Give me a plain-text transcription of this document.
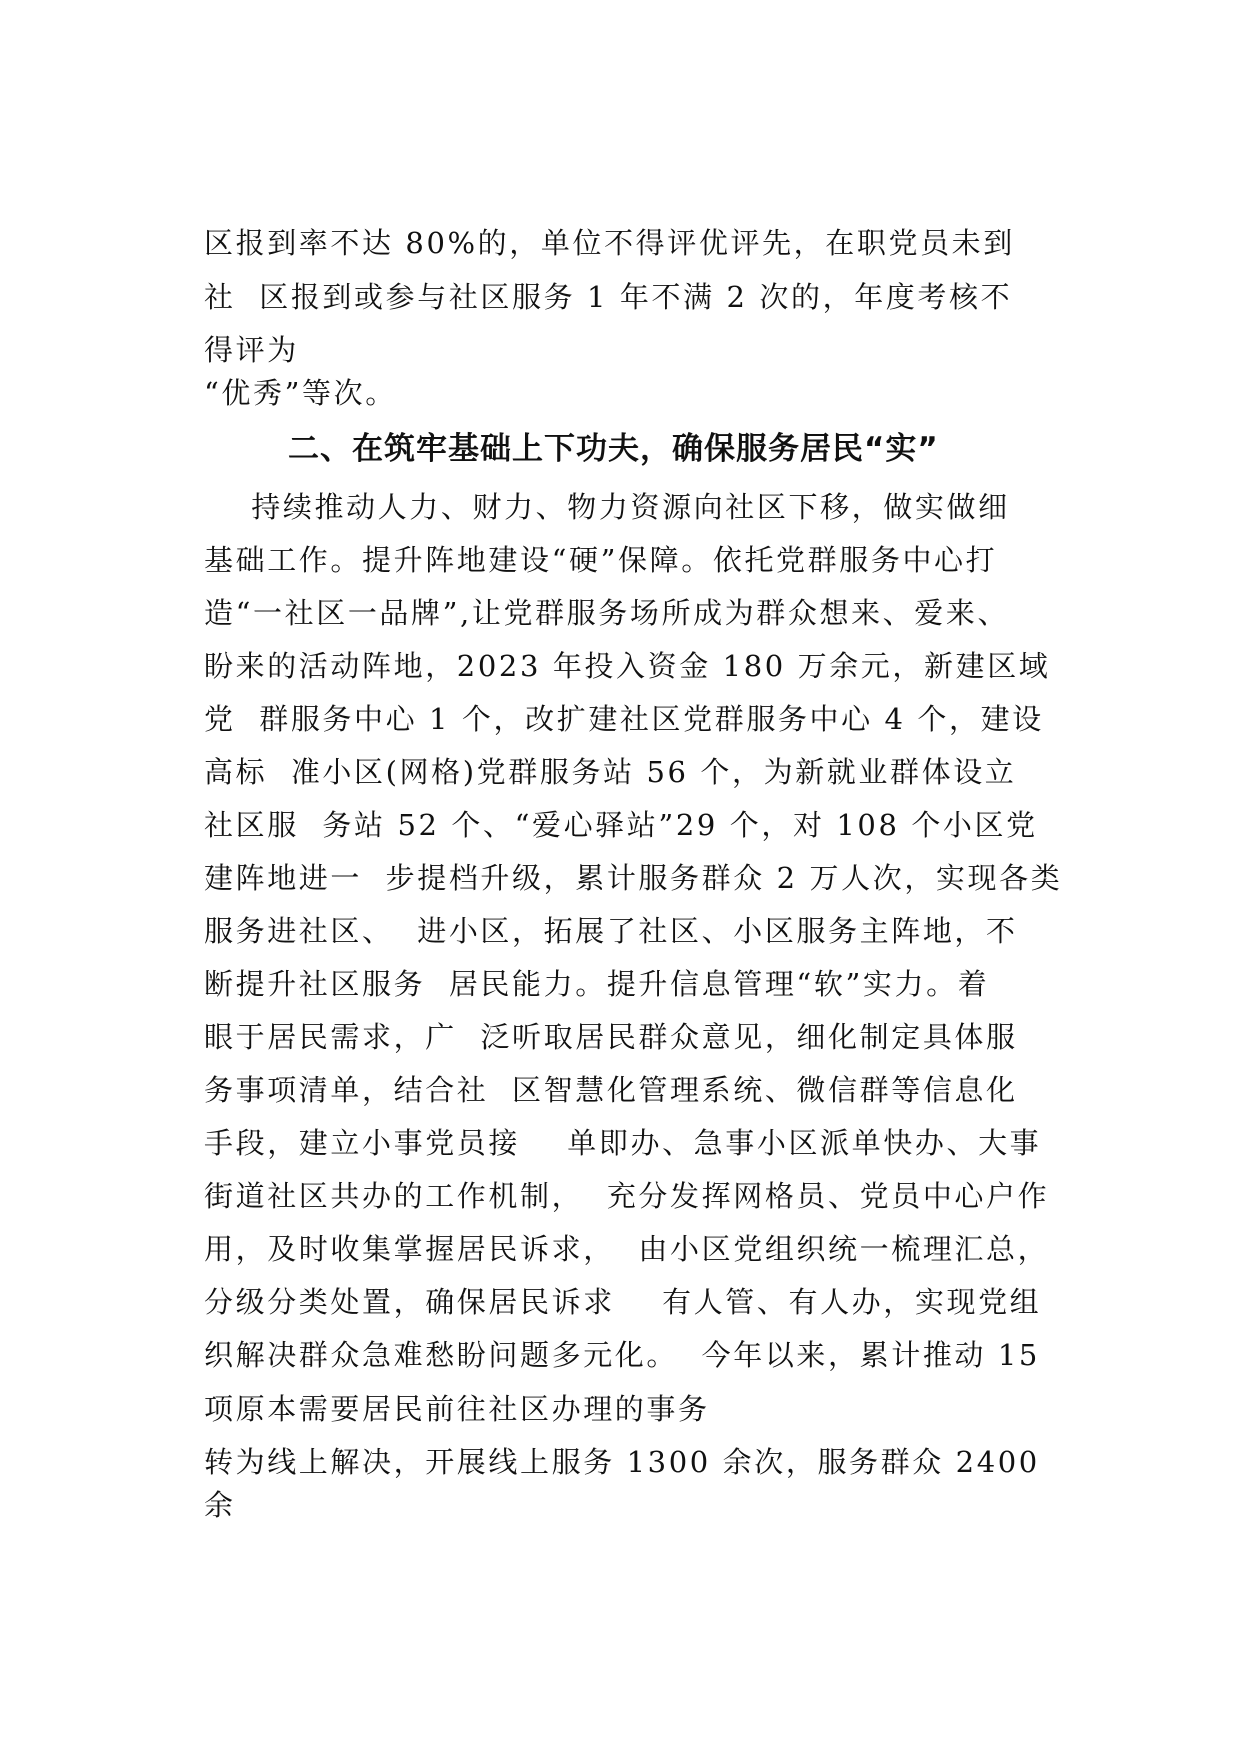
区报到率不达 80%的，单位不得评优评先，在职党员未到
社  区报到或参与社区服务 1 年不满 2 次的，年度考核不
得评为
“优秀”等次。
二、在筑牢基础上下功夫，确保服务居民“实”
持续推动人力、财力、物力资源向社区下移，做实做细
基础工作。提升阵地建设“硬”保障。依托党群服务中心打
造“一社区一品牌”,让党群服务场所成为群众想来、爱来、
盼来的活动阵地，2023 年投入资金 180 万余元，新建区域
党  群服务中心 1 个，改扩建社区党群服务中心 4 个，建设
高标  准小区(网格)党群服务站 56 个，为新就业群体设立
社区服  务站 52 个、“爱心驿站”29 个，对 108 个小区党
建阵地进一  步提档升级，累计服务群众 2 万人次，实现各类
服务进社区、  进小区，拓展了社区、小区服务主阵地，不
断提升社区服务  居民能力。提升信息管理“软”实力。着
眼于居民需求，广  泛听取居民群众意见，细化制定具体服
务事项清单，结合社  区智慧化管理系统、微信群等信息化
手段，建立小事党员接    单即办、急事小区派单快办、大事
街道社区共办的工作机制，  充分发挥网格员、党员中心户作
用，及时收集掌握居民诉求，  由小区党组织统一梳理汇总，
分级分类处置，确保居民诉求    有人管、有人办，实现党组
织解决群众急难愁盼问题多元化。  今年以来，累计推动 15
项原本需要居民前往社区办理的事务
转为线上解决，开展线上服务 1300 余次，服务群众 2400
余
